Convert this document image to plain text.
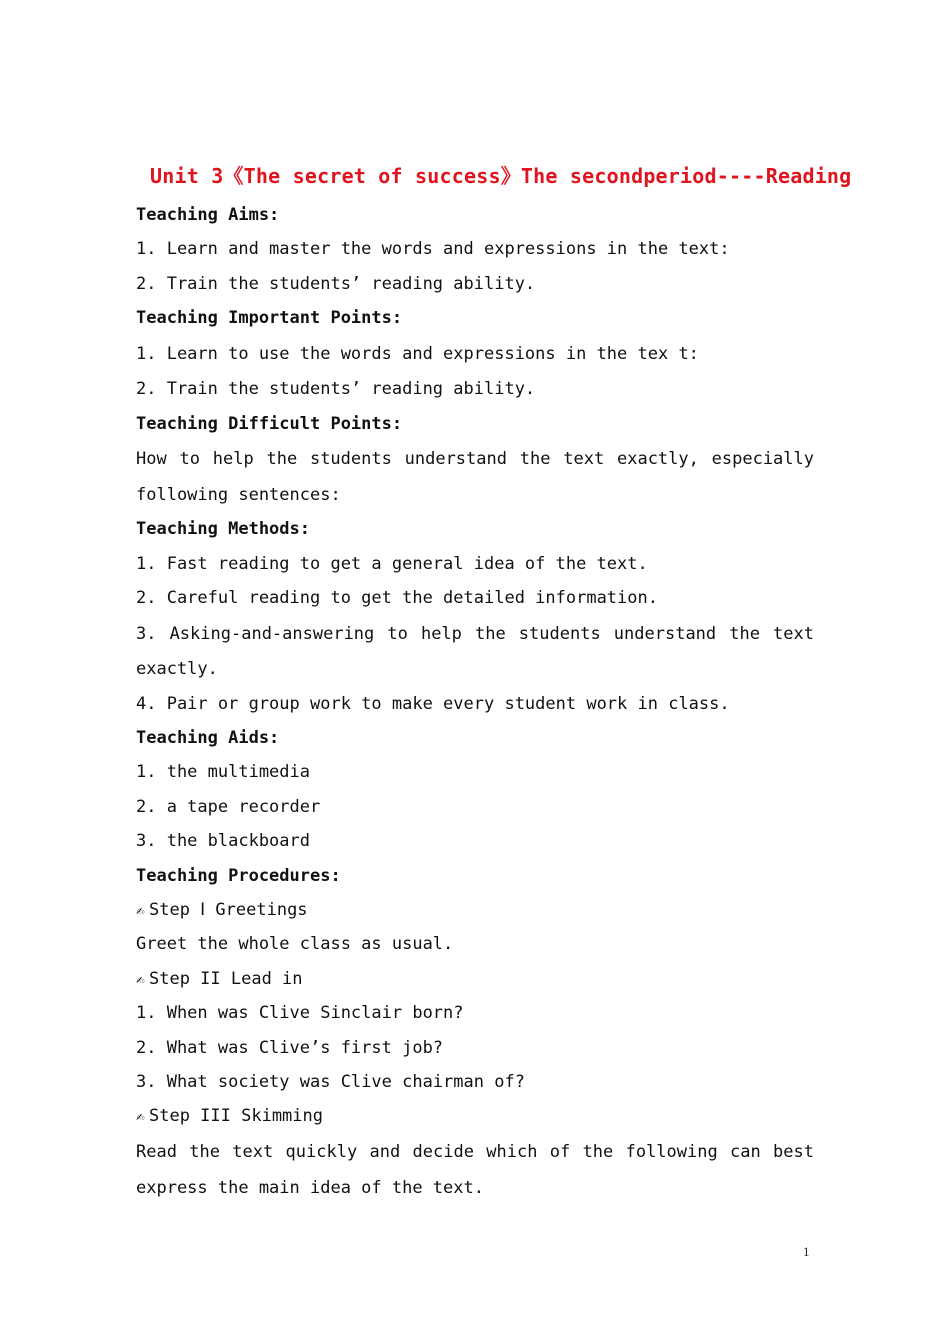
Unit 3《The secret of success》The secondperiod----Reading
Teaching Aims:
1. Learn and master the words and expressions in the text:
2. Train the students’ reading ability.
Teaching Important Points:
1. Learn to use the words and expressions in the tex t:
2. Train the students’ reading ability.
Teaching Difficult Points:
How to help the students understand the text exactly, especially
following sentences:
Teaching Methods:
1. Fast reading to get a general idea of the text.
2. Careful reading to get the detailed information.
3. Asking-and-answering to help the students understand the text
exactly.
4. Pair or group work to make every student work in class.
Teaching Aids:
1. the multimedia
2. a tape recorder
3. the blackboard
Teaching Procedures:
✍ Step Ⅰ Greetings
Greet the whole class as usual.
✍ Step II Lead in
1. When was Clive Sinclair born?
2. What was Clive’s first job?
3. What society was Clive chairman of?
✍ Step III Skimming
Read the text quickly and decide which of the following can best
express the main idea of the text.
1
